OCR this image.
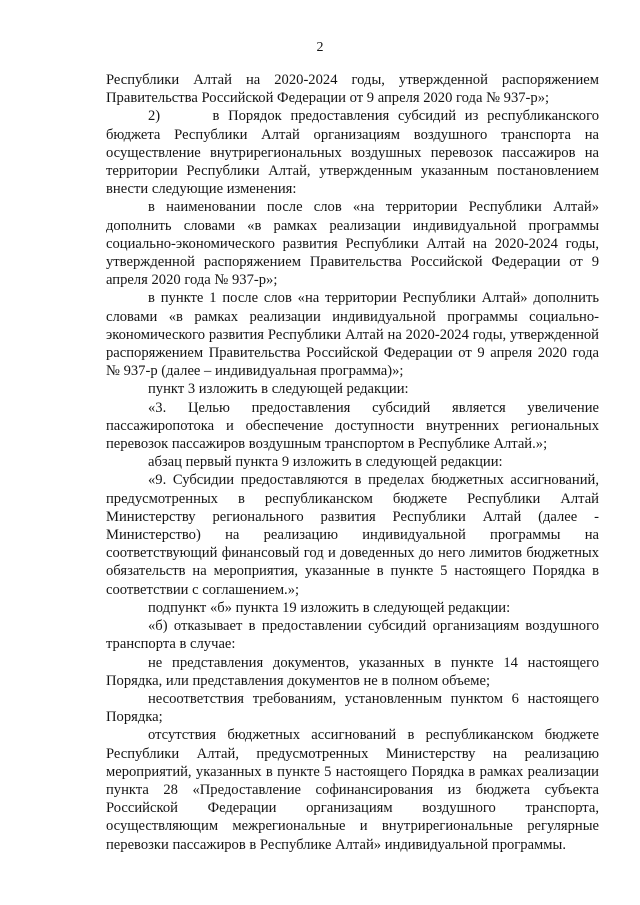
2

Республики Алтай на 2020-2024 годы, утвержденной распоряжением Правительства Российской Федерации от 9 апреля 2020 года № 937-р»;

2)      в Порядок предоставления субсидий из республиканского бюджета Республики Алтай организациям воздушного транспорта на осуществление внутрирегиональных воздушных перевозок пассажиров на территории Республики Алтай, утвержденным указанным постановлением внести следующие изменения:

в наименовании после слов «на территории Республики Алтай» дополнить словами «в рамках реализации индивидуальной программы социально-экономического развития Республики Алтай на 2020-2024 годы, утвержденной распоряжением Правительства Российской Федерации от 9 апреля 2020 года № 937-р»;

в пункте 1 после слов «на территории Республики Алтай» дополнить словами «в рамках реализации индивидуальной программы социально-экономического развития Республики Алтай на 2020-2024 годы, утвержденной распоряжением Правительства Российской Федерации от 9 апреля 2020 года № 937-р (далее – индивидуальная программа)»;

пункт 3 изложить в следующей редакции:

«3. Целью предоставления субсидий является увеличение пассажиропотока и обеспечение доступности внутренних региональных перевозок пассажиров воздушным транспортом в Республике Алтай.»;

абзац первый пункта 9 изложить в следующей редакции:

«9. Субсидии предоставляются в пределах бюджетных ассигнований, предусмотренных в республиканском бюджете Республики Алтай Министерству регионального развития Республики Алтай (далее - Министерство) на реализацию индивидуальной программы на соответствующий финансовый год и доведенных до него лимитов бюджетных обязательств на мероприятия, указанные в пункте 5 настоящего Порядка в соответствии с соглашением.»;

подпункт «б» пункта 19 изложить в следующей редакции:

«б) отказывает в предоставлении субсидий организациям воздушного транспорта в случае:

не представления документов, указанных в пункте 14 настоящего Порядка, или представления документов не в полном объеме;

несоответствия требованиям, установленным пунктом 6 настоящего Порядка;

отсутствия бюджетных ассигнований в республиканском бюджете Республики Алтай, предусмотренных Министерству на реализацию мероприятий, указанных в пункте 5 настоящего Порядка в рамках реализации пункта 28 «Предоставление софинансирования из бюджета субъекта Российской Федерации организациям воздушного транспорта, осуществляющим межрегиональные и внутрирегиональные регулярные перевозки пассажиров в Республике Алтай» индивидуальной программы.
